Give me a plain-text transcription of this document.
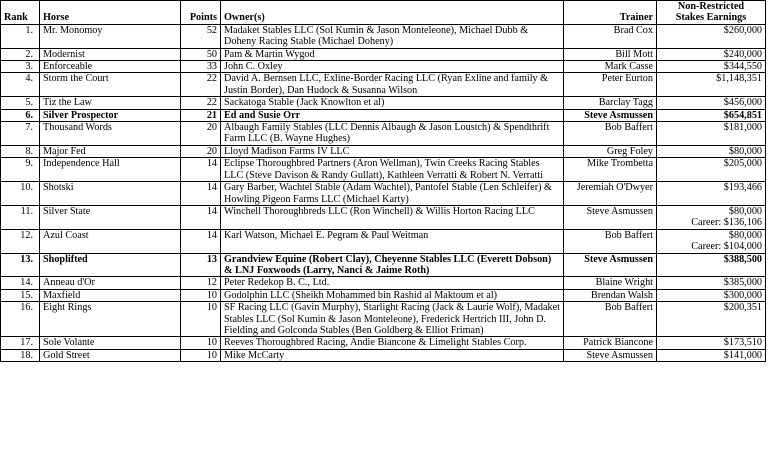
Rank	Horse	Points	Owner(s)	Trainer	Non-Restricted
Stakes Earnings

1.	Mr. Monomoy	52	Madaket Stables LLC (Sol Kumin & Jason Monteleone), Michael Dubb & Doheny Racing Stable (Michael Doheny)	Brad Cox	$260,000

2.	Modernist	50	Pam & Martin Wygod	Bill Mott	$240,000

3.	Enforceable	33	John C. Oxley	Mark Casse	$344,550

4.	Storm the Court	22	David A. Bernsen LLC, Exline-Border Racing LLC (Ryan Exline and family & Justin Border), Dan Hudock & Susanna Wilson	Peter Eurton	$1,148,351

5.	Tiz the Law	22	Sackatoga Stable (Jack Knowlton et al)	Barclay Tagg	$456,000

6.	Silver Prospector	21	Ed and Susie Orr	Steve Asmussen	$654,851

7.	Thousand Words	20	Albaugh Family Stables (LLC Dennis Albaugh & Jason Loustch) & Spendthrift Farm LLC (B. Wayne Hughes)	Bob Baffert	$181,000

8.	Major Fed	20	Lloyd Madison Farms IV LLC	Greg Foley	$80,000

9.	Independence Hall	14	Eclipse Thoroughbred Partners (Aron Wellman), Twin Creeks Racing Stables LLC (Steve Davison & Randy Gullatt), Kathleen Verratti & Robert N. Verratti	Mike Trombetta	$205,000

10.	Shotski	14	Gary Barber, Wachtel Stable (Adam Wachtel), Pantofel Stable (Len Schleifer) & Howling Pigeon Farms LLC (Michael Karty)	Jeremiah O'Dwyer	$193,466

11.	Silver State	14	Winchell Thoroughbreds LLC (Ron Winchell) & Willis Horton Racing LLC	Steve Asmussen	$80,000
Career: $136,106

12.	Azul Coast	14	Karl Watson, Michael E. Pegram & Paul Weitman	Bob Baffert	$80,000
Career: $104,000

13.	Shoplifted	13	Grandview Equine (Robert Clay), Cheyenne Stables LLC (Everett Dobson) & LNJ Foxwoods (Larry, Nanci & Jaime Roth)	Steve Asmussen	$388,500

14.	Anneau d'Or	12	Peter Redekop B. C., Ltd.	Blaine Wright	$385,000

15.	Maxfield	10	Godolphin LLC (Sheikh Mohammed bin Rashid al Maktoum et al)	Brendan Walsh	$300,000

16.	Eight Rings	10	SF Racing LLC (Gavin Murphy), Starlight Racing (Jack & Laurie Wolf), Madaket Stables LLC (Sol Kumin & Jason Monteleone), Frederick Hertrich III, John D. Fielding and Golconda Stables (Ben Goldberg & Elliot Friman)	Bob Baffert	$200,351

17.	Sole Volante	10	Reeves Thoroughbred Racing, Andie Biancone & Limelight Stables Corp.	Patrick Biancone	$173,510

18.	Gold Street	10	Mike McCarty	Steve Asmussen	$141,000
